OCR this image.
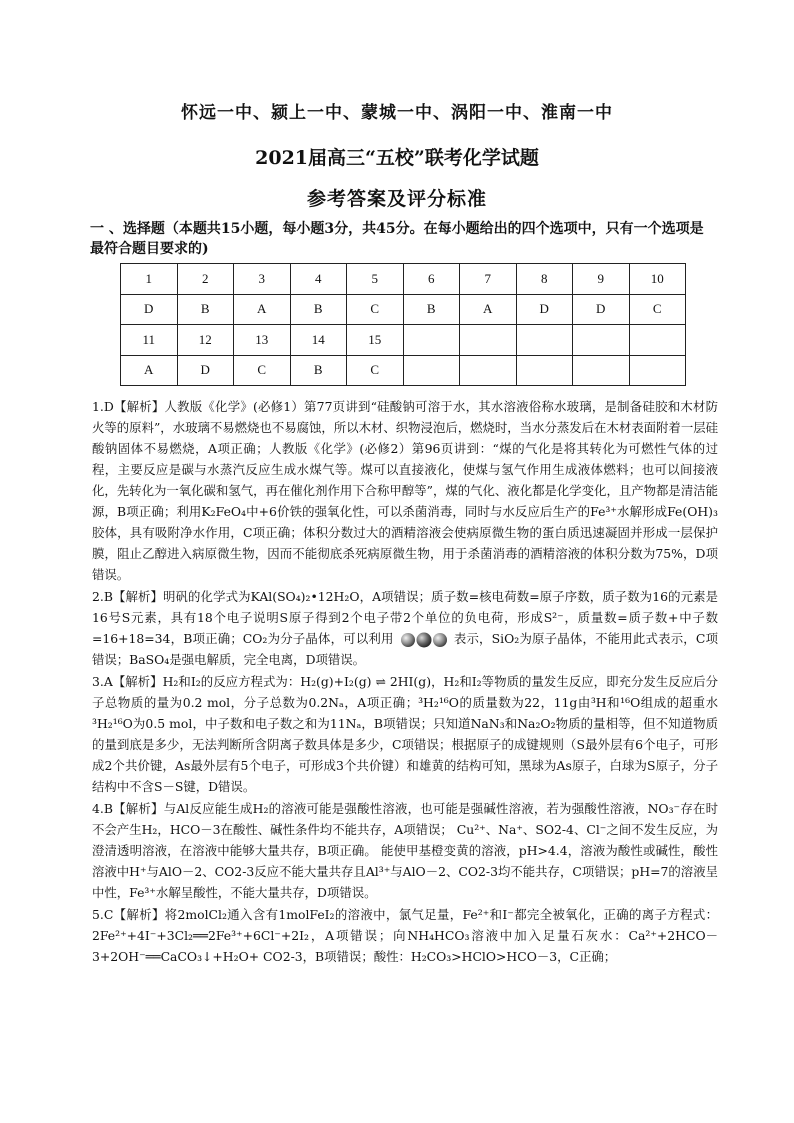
怀远一中、颍上一中、蒙城一中、涡阳一中、淮南一中
2021届高三“五校”联考化学试题
参考答案及评分标准
一 、选择题（本题共15小题，每小题3分，共45分。在每小题给出的四个选项中，只有一个选项是最符合题目要求的)
1	2	3	4	5	6	7	8	9	10
D	B	A	B	C	B	A	D	D	C
11	12	13	14	15					
A	D	C	B	C					

1.D【解析】人教版《化学》(必修1）第77页讲到“硅酸钠可溶于水，其水溶液俗称水玻璃，是制备硅胶和木材防火等的原料”，水玻璃不易燃烧也不易腐蚀，所以木材、织物浸泡后，燃烧时，当水分蒸发后在木材表面附着一层硅酸钠固体不易燃烧，A项正确；人教版《化学》(必修2）第96页讲到：“煤的气化是将其转化为可燃性气体的过程，主要反应是碳与水蒸汽反应生成水煤气等。煤可以直接液化，使煤与氢气作用生成液体燃料；也可以间接液化，先转化为一氧化碳和氢气，再在催化剂作用下合称甲醇等”，煤的气化、液化都是化学变化，且产物都是清洁能源，B项正确；利用K₂FeO₄中+6价铁的强氧化性，可以杀菌消毒，同时与水反应后生产的Fe³⁺水解形成Fe(OH)₃胶体，具有吸附净水作用，C项正确；体积分数过大的酒精溶液会使病原微生物的蛋白质迅速凝固并形成一层保护膜，阻止乙醇进入病原微生物，因而不能彻底杀死病原微生物，用于杀菌消毒的酒精溶液的体积分数为75%，D项错误。

2.B【解析】明矾的化学式为KAl(SO₄)₂•12H₂O，A项错误；质子数=核电荷数=原子序数，质子数为16的元素是16号S元素，具有18个电子说明S原子得到2个电子带2个单位的负电荷，形成S²⁻，质量数=质子数+中子数=16+18=34，B项正确；CO₂为分子晶体，可以利用	表示，SiO₂为原子晶体，不能用此式表示，C项错误；BaSO₄是强电解质，完全电离，D项错误。

3.A【解析】H₂和I₂的反应方程式为：H₂(g)+I₂(g) ⇌ 2HI(g)，H₂和I₂等物质的量发生反应，即充分发生反应后分子总物质的量为0.2 mol，分子总数为0.2Nₐ，A项正确；³H₂¹⁶O的质量数为22，11g由³H和¹⁶O组成的超重水³H₂¹⁶O为0.5 mol，中子数和电子数之和为11Nₐ，B项错误；只知道NaN₃和Na₂O₂物质的量相等，但不知道物质的量到底是多少，无法判断所含阴离子数具体是多少，C项错误；根据原子的成键规则（S最外层有6个电子，可形成2个共价键，As最外层有5个电子，可形成3个共价键）和雄黄的结构可知，黑球为As原子，白球为S原子，分子结构中不含S－S键，D错误。

4.B【解析】与Al反应能生成H₂的溶液可能是强酸性溶液，也可能是强碱性溶液，若为强酸性溶液，NO₃⁻存在时不会产生H₂，HCO－3在酸性、碱性条件均不能共存，A项错误； Cu²⁺、Na⁺、SO2-4、Cl⁻之间不发生反应，为澄清透明溶液，在溶液中能够大量共存，B项正确。 能使甲基橙变黄的溶液，pH>4.4，溶液为酸性或碱性，酸性溶液中H⁺与AlO－2、CO2-3反应不能大量共存且Al³⁺与AlO－2、CO2-3均不能共存，C项错误；pH=7的溶液呈中性，Fe³⁺水解呈酸性，不能大量共存，D项错误。

5.C【解析】将2molCl₂通入含有1molFeI₂的溶液中，氯气足量，Fe²⁺和I⁻都完全被氧化，正确的离子方程式：2Fe²⁺+4I⁻+3Cl₂══2Fe³⁺+6Cl⁻+2I₂，A项错误；向NH₄HCO₃溶液中加入足量石灰水：Ca²⁺+2HCO－3+2OH⁻══CaCO₃↓+H₂O+ CO2-3，B项错误；酸性：H₂CO₃>HClO>HCO－3，C正确；
